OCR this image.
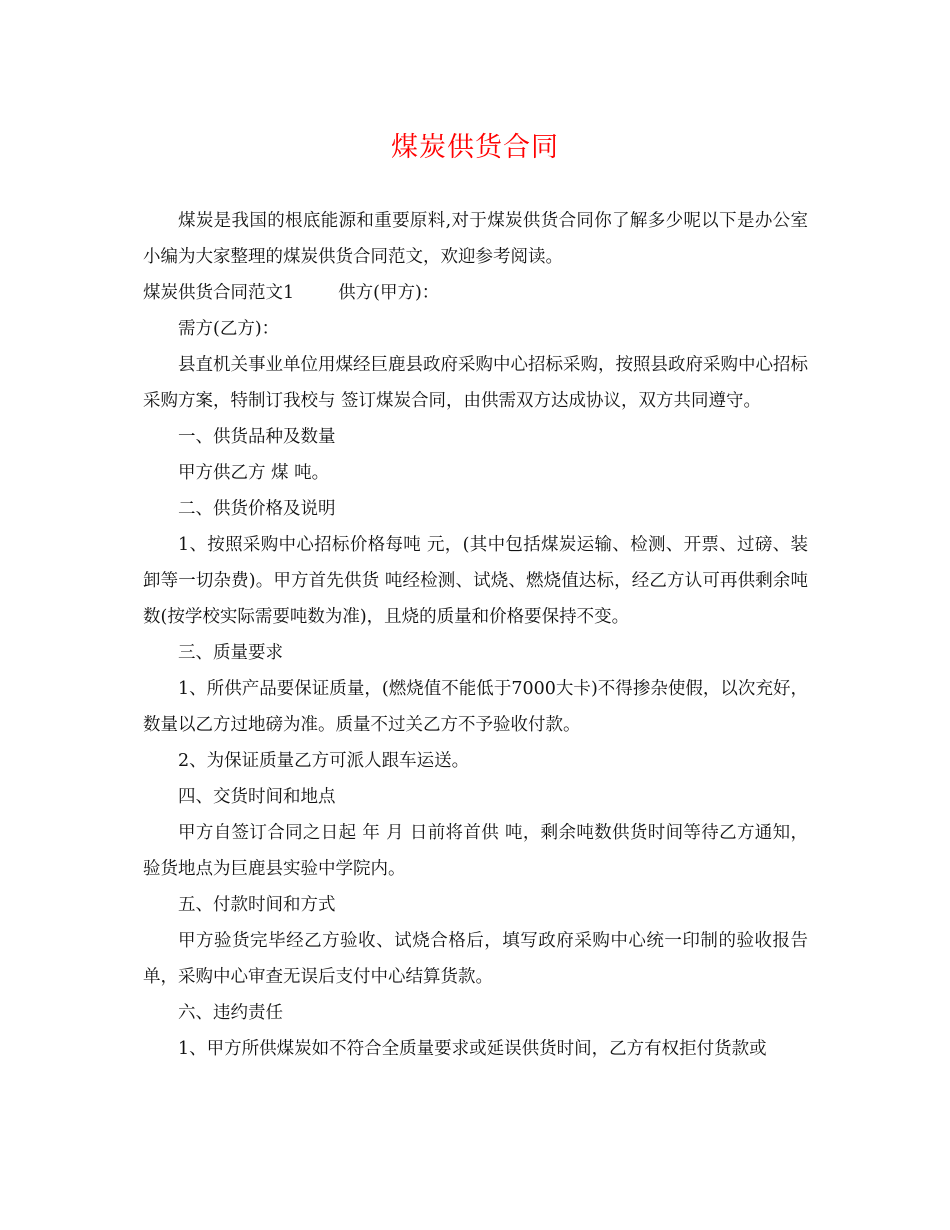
煤炭供货合同

煤炭是我国的根底能源和重要原料,对于煤炭供货合同你了解多少呢以下是办公室小编为大家整理的煤炭供货合同范文，欢迎参考阅读。

煤炭供货合同范文1	供方(甲方)：

需方(乙方)：

县直机关事业单位用煤经巨鹿县政府采购中心招标采购，按照县政府采购中心招标采购方案，特制订我校与 签订煤炭合同，由供需双方达成协议，双方共同遵守。

一、供货品种及数量

甲方供乙方 煤 吨。

二、供货价格及说明

1、按照采购中心招标价格每吨 元，(其中包括煤炭运输、检测、开票、过磅、装卸等一切杂费)。甲方首先供货 吨经检测、试烧、燃烧值达标，经乙方认可再供剩余吨数(按学校实际需要吨数为准)，且烧的质量和价格要保持不变。

三、质量要求

1、所供产品要保证质量，(燃烧值不能低于7000大卡)不得掺杂使假，以次充好，数量以乙方过地磅为准。质量不过关乙方不予验收付款。

2、为保证质量乙方可派人跟车运送。

四、交货时间和地点

甲方自签订合同之日起 年 月 日前将首供 吨，剩余吨数供货时间等待乙方通知，验货地点为巨鹿县实验中学院内。

五、付款时间和方式

甲方验货完毕经乙方验收、试烧合格后，填写政府采购中心统一印制的验收报告单，采购中心审查无误后支付中心结算货款。

六、违约责任

1、甲方所供煤炭如不符合全质量要求或延误供货时间，乙方有权拒付货款或
